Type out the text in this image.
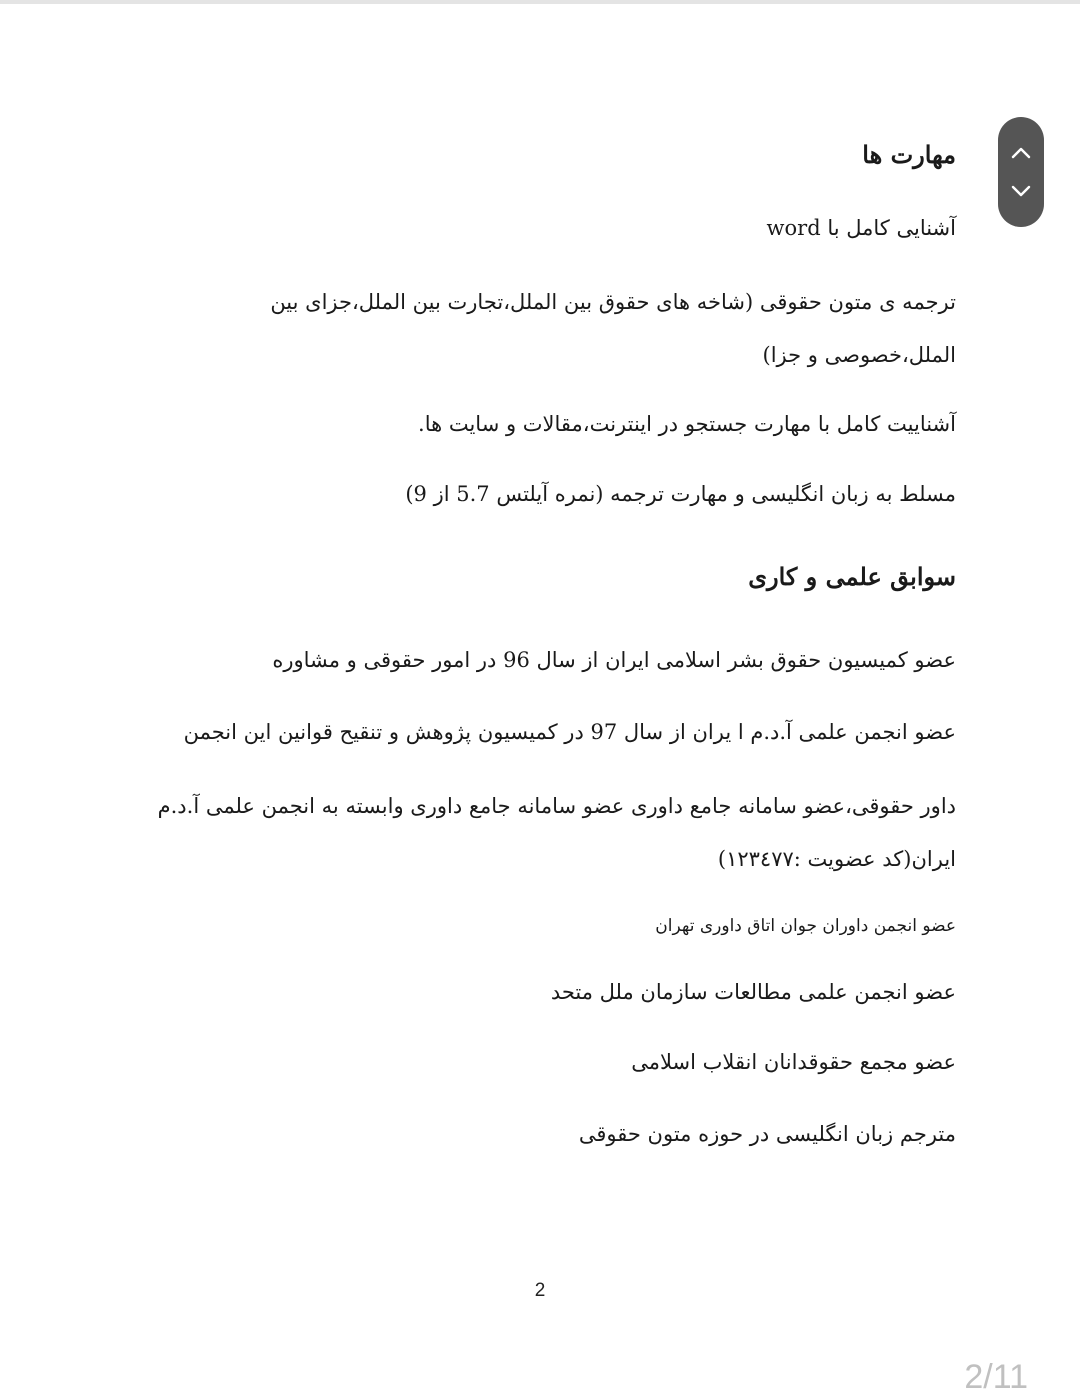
مهارت ها

آشنایی کامل با word

ترجمه ی متون حقوقی (شاخه های حقوق بین الملل،تجارت بین الملل،جزای بین الملل،خصوصی و جزا)

آشناییت کامل با مهارت جستجو در اینترنت،مقالات و سایت ها.

مسلط به زبان انگلیسی و مهارت ترجمه (نمره آیلتس 5.7 از 9)

سوابق علمی و کاری

عضو کمیسیون حقوق بشر اسلامی ایران از سال 96 در امور حقوقی و مشاوره

عضو انجمن علمی آ.د.م ا یران از سال 97 در کمیسیون پژوهش و تنقیح قوانین این انجمن

داور حقوقی،عضو سامانه جامع داوری عضو سامانه جامع داوری وابسته به انجمن علمی آ.د.م ایران(کد عضویت :١٢٣٤٧٧)

عضو انجمن داوران جوان اتاق داوری تهران

عضو انجمن علمی مطالعات سازمان ملل متحد

عضو مجمع حقوقدانان انقلاب اسلامی

مترجم زبان انگلیسی در حوزه متون حقوقی

2
2/11
